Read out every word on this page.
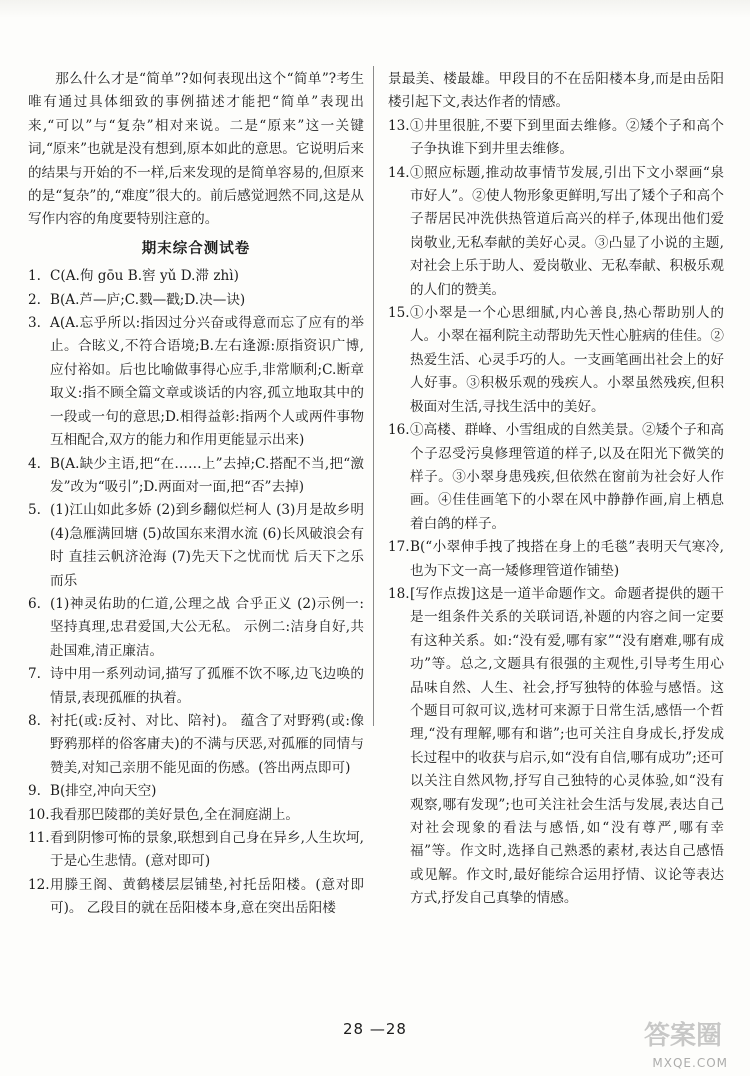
那么什么才是“简单”?如何表现出这个“简单”?考生唯有通过具体细致的事例描述才能把“简单”表现出来,“可以”与“复杂”相对来说。二是“原来”这一关键词,“原来”也就是没有想到,原本如此的意思。它说明后来的结果与开始的不一样,后来发现的是简单容易的,但原来的是“复杂”的,“难度”很大的。前后感觉迥然不同,这是从写作内容的角度要特别注意的。

期末综合测试卷
1. C(A.佝 gōu B.窖 yǔ D.滞 zhì)
2. B(A.芦—庐;C.戮—戳;D.决—诀)
3. A(A.忘乎所以:指因过分兴奋或得意而忘了应有的举止。合眩义,不符合语境;B.左右逢源:原指资识广博,应付裕如。后也比喻做事得心应手,非常顺利;C.断章取义:指不顾全篇文章或谈话的内容,孤立地取其中的一段或一句的意思;D.相得益彰:指两个人或两件事物互相配合,双方的能力和作用更能显示出来)
4. B(A.缺少主语,把“在……上”去掉;C.搭配不当,把“激发”改为“吸引”;D.两面对一面,把“否”去掉)
5. (1)江山如此多娇 (2)到乡翻似烂柯人 (3)月是故乡明 (4)急雁满回塘 (5)故国东来渭水流 (6)长风破浪会有时 直挂云帆济沧海 (7)先天下之忧而忧 后天下之乐而乐
6. (1)神灵佑助的仁道,公理之战 合乎正义 (2)示例一:坚持真理,忠君爱国,大公无私。 示例二:洁身自好,共赴国难,清正廉洁。
7. 诗中用一系列动词,描写了孤雁不饮不啄,边飞边唤的情景,表现孤雁的执着。
8. 衬托(或:反衬、对比、陪衬)。 蕴含了对野鸦(或:像野鸦那样的俗客庸夫)的不满与厌恶,对孤雁的同情与赞美,对知己亲朋不能见面的伤感。(答出两点即可)
9. B(排空,冲向天空)
10. 我看那巴陵郡的美好景色,全在洞庭湖上。
11. 看到阴惨可怖的景象,联想到自己身在异乡,人生坎坷,于是心生悲情。(意对即可)
12. 用滕王阁、黄鹤楼层层铺垫,衬托岳阳楼。(意对即可)。 乙段目的就在岳阳楼本身,意在突出岳阳楼

景最美、楼最雄。甲段目的不在岳阳楼本身,而是由岳阳楼引起下文,表达作者的情感。

13. ①井里很脏,不要下到里面去维修。②矮个子和高个子争执谁下到井里去维修。
14. ①照应标题,推动故事情节发展,引出下文小翠画“泉市好人”。②使人物形象更鲜明,写出了矮个子和高个子帮居民冲洗供热管道后高兴的样子,体现出他们爱岗敬业,无私奉献的美好心灵。③凸显了小说的主题,对社会上乐于助人、爱岗敬业、无私奉献、积极乐观的人们的赞美。
15. ①小翠是一个心思细腻,内心善良,热心帮助别人的人。小翠在福利院主动帮助先天性心脏病的佳佳。②热爱生活、心灵手巧的人。一支画笔画出社会上的好人好事。③积极乐观的残疾人。小翠虽然残疾,但积极面对生活,寻找生活中的美好。
16. ①高楼、群峰、小雪组成的自然美景。②矮个子和高个子忍受污臭修理管道的样子,以及在阳光下微笑的样子。③小翠身患残疾,但依然在窗前为社会好人作画。④佳佳画笔下的小翠在风中静静作画,肩上栖息着白鸽的样子。
17. B(“小翠伸手拽了拽搭在身上的毛毯”表明天气寒冷,也为下文一高一矮修理管道作铺垫)
18. [写作点拨]这是一道半命题作文。命题者提供的题干是一组条件关系的关联词语,补题的内容之间一定要有这种关系。如:“没有爱,哪有家”“没有磨难,哪有成功”等。总之,文题具有很强的主观性,引导考生用心品味自然、人生、社会,抒写独特的体验与感悟。这个题目可叙可议,选材可来源于日常生活,感悟一个哲理,“没有理解,哪有和谐”;也可关注自身成长,抒发成长过程中的收获与启示,如“没有自信,哪有成功”;还可以关注自然风物,抒写自己独特的心灵体验,如“没有观察,哪有发现”;也可关注社会生活与发展,表达自己对社会现象的看法与感悟,如“没有尊严,哪有幸福”等。作文时,选择自己熟悉的素材,表达自己感悟或见解。作文时,最好能综合运用抒情、议论等表达方式,抒发自己真挚的情感。
28 —28	答案圈
MXQE.COM
